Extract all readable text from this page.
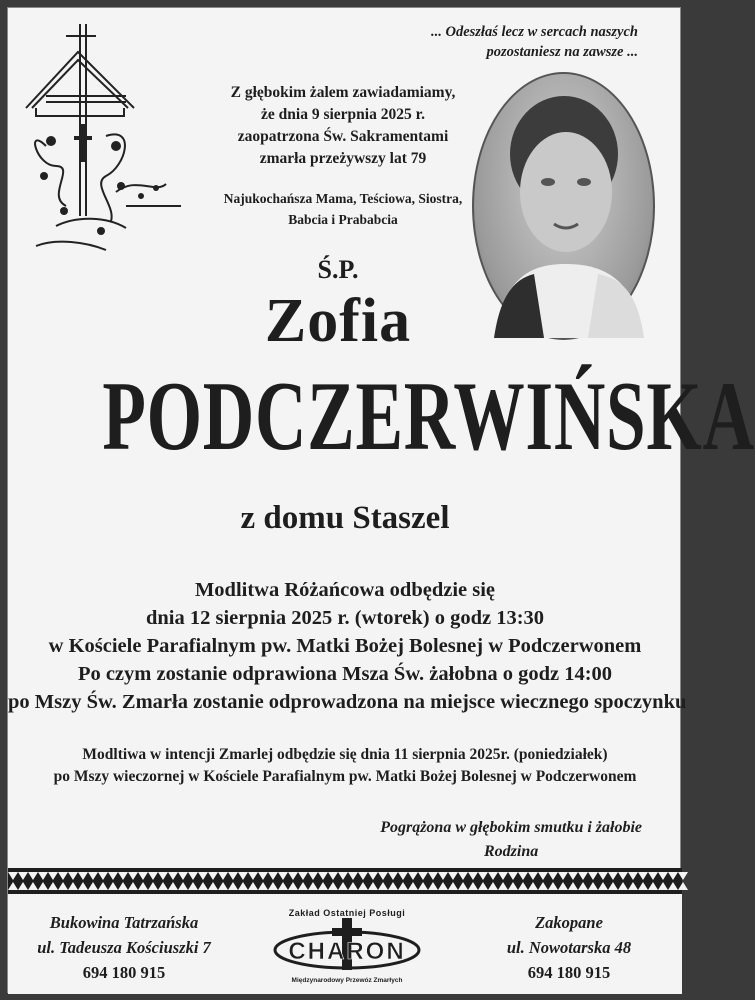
... Odeszłaś lecz w sercach naszych
pozostaniesz na zawsze ...
Z głębokim żalem zawiadamiamy,
że dnia 9 sierpnia 2025 r.
zaopatrzona Św. Sakramentami
zmarła przeżywszy lat 79
Najukochańsza Mama, Teściowa, Siostra,
Babcia i Prababcia
Ś.P.
Zofia
PODCZERWIŃSKA
z domu Staszel
Modlitwa Różańcowa odbędzie się
dnia 12 sierpnia 2025 r. (wtorek) o godz 13:30
w Kościele Parafialnym pw. Matki Bożej Bolesnej w Podczerwonem
Po czym zostanie odprawiona Msza Św. żałobna o godz 14:00
po Mszy Św. Zmarła zostanie odprowadzona na miejsce wiecznego spoczynku
Modltiwa w intencji Zmarlej odbędzie się dnia 11 sierpnia 2025r. (poniedziałek)
po Mszy wieczornej w Kościele Parafialnym pw. Matki Bożej Bolesnej w Podczerwonem
Pogrążona w głębokim smutku i żałobie
Rodzina
Bukowina Tatrzańska
ul. Tadeusza Kościuszki 7
694 180 915
Zakład Ostatniej Posługi
CHARON
Międzynarodowy Przewóz Zmarłych
Zakopane
ul. Nowotarska 48
694 180 915
